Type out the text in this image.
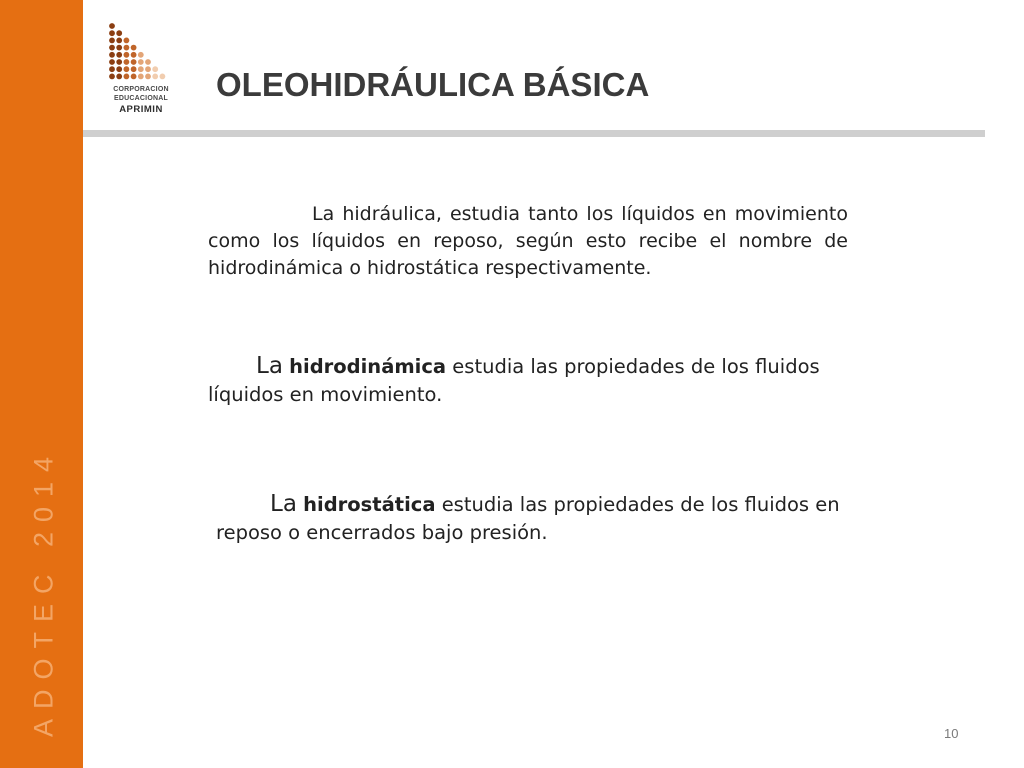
ADOTEC 2014
CORPORACION
EDUCACIONAL
APRIMIN
OLEOHIDRÁULICA BÁSICA

La hidráulica, estudia tanto los líquidos en movimiento como los líquidos en reposo, según esto recibe el nombre de hidrodinámica o hidrostática respectivamente.

La hidrodinámica estudia las propiedades de los fluidos líquidos en movimiento.

La hidrostática estudia las propiedades de los fluidos en reposo o encerrados bajo presión.

10
